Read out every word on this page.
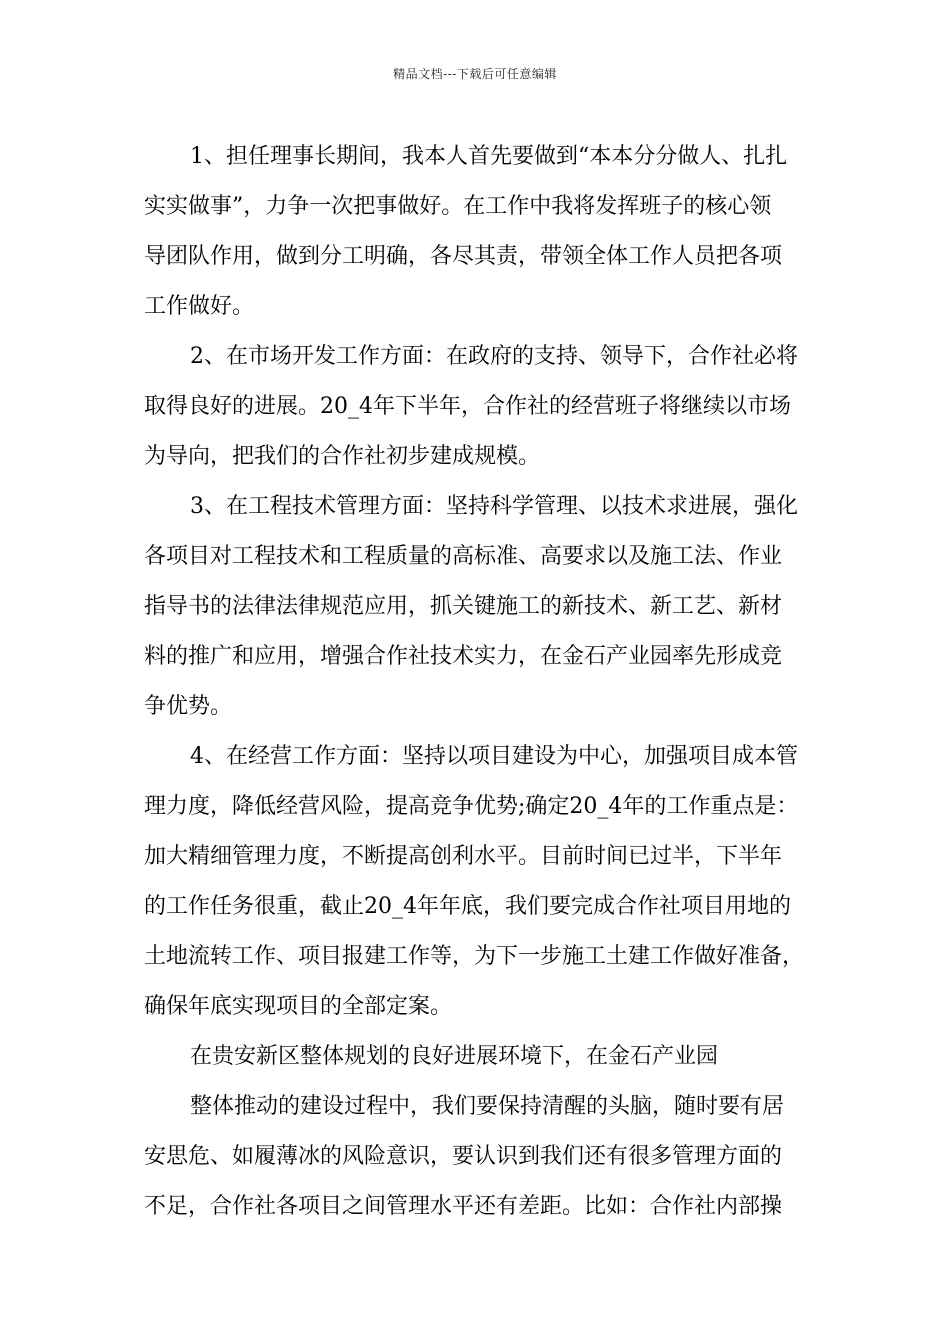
精品文档---下载后可任意编辑
1、担任理事长期间，我本人首先要做到“本本分分做人、扎扎
实实做事”，力争一次把事做好。在工作中我将发挥班子的核心领
导团队作用，做到分工明确，各尽其责，带领全体工作人员把各项
工作做好。
2、在市场开发工作方面：在政府的支持、领导下，合作社必将
取得良好的进展。20_4年下半年，合作社的经营班子将继续以市场
为导向，把我们的合作社初步建成规模。
3、在工程技术管理方面：坚持科学管理、以技术求进展，强化
各项目对工程技术和工程质量的高标准、高要求以及施工法、作业
指导书的法律法律规范应用，抓关键施工的新技术、新工艺、新材
料的推广和应用，增强合作社技术实力，在金石产业园率先形成竞
争优势。
4、在经营工作方面：坚持以项目建设为中心，加强项目成本管
理力度，降低经营风险，提高竞争优势;确定20_4年的工作重点是：
加大精细管理力度，不断提高创利水平。目前时间已过半，下半年
的工作任务很重，截止20_4年年底，我们要完成合作社项目用地的
土地流转工作、项目报建工作等，为下一步施工土建工作做好准备，
确保年底实现项目的全部定案。
在贵安新区整体规划的良好进展环境下，在金石产业园
整体推动的建设过程中，我们要保持清醒的头脑，随时要有居
安思危、如履薄冰的风险意识，要认识到我们还有很多管理方面的
不足，合作社各项目之间管理水平还有差距。比如：合作社内部操
